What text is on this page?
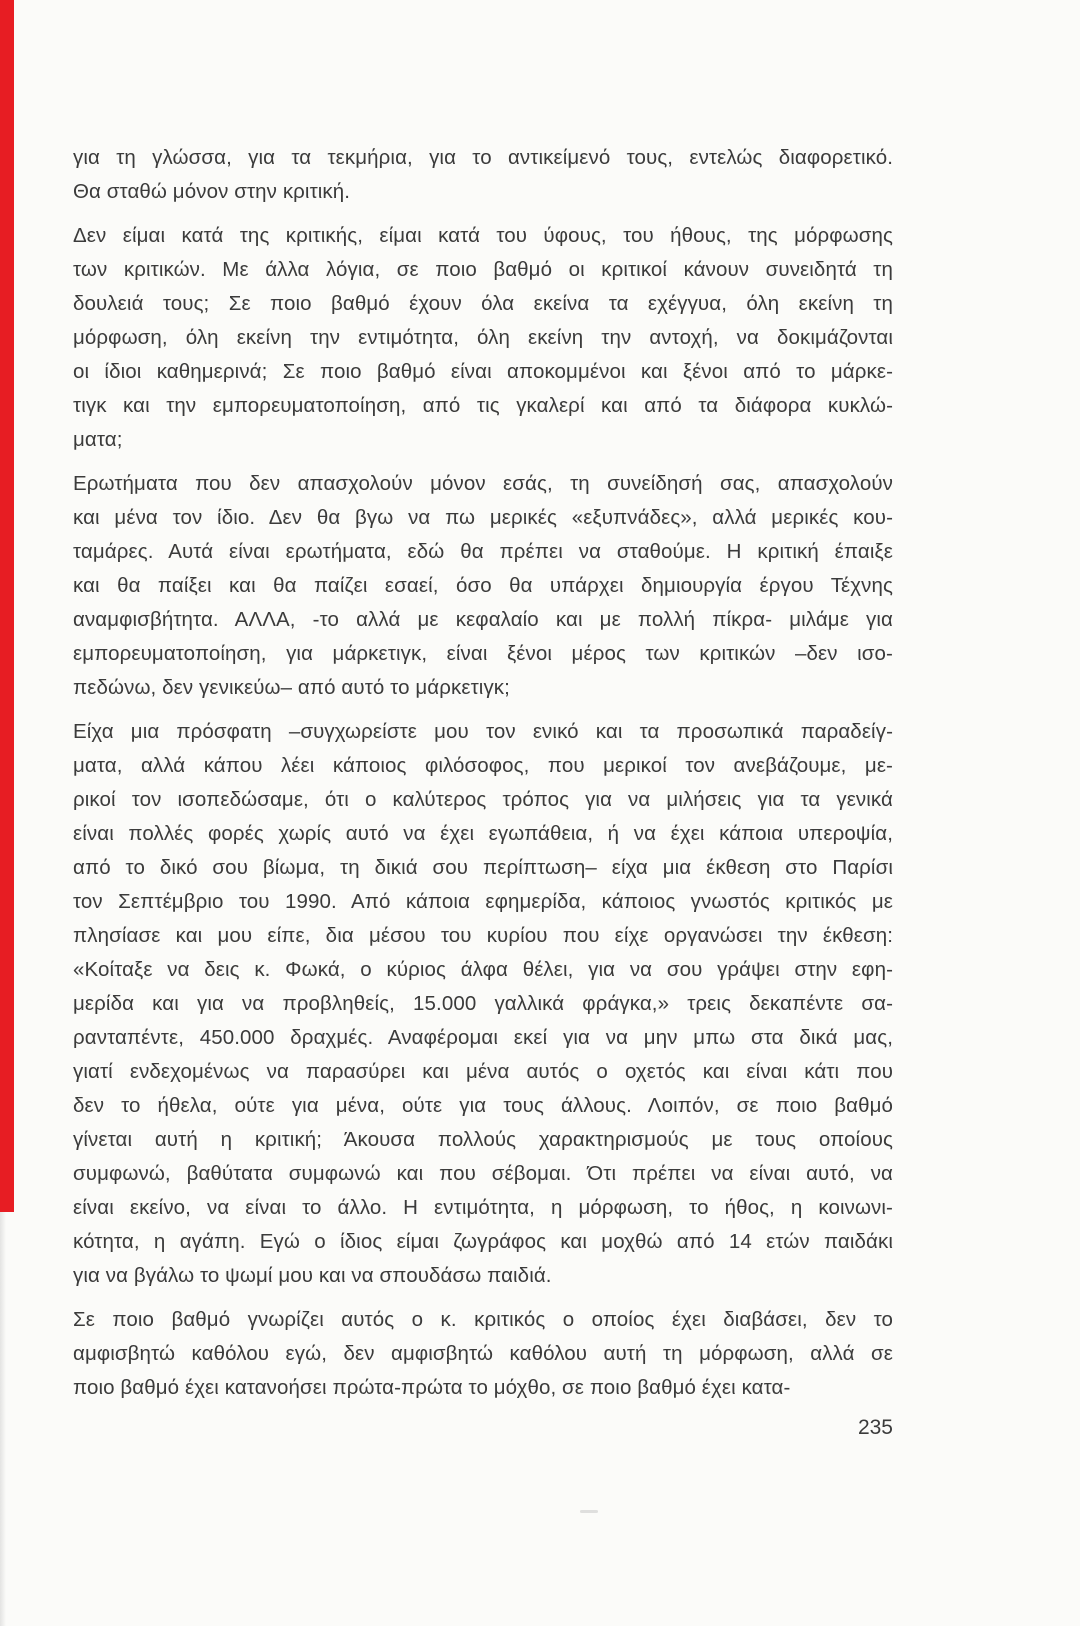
για τη γλώσσα, για τα τεκμήρια, για το αντικείμενό τους, εντελώς διαφορετικό.
Θα σταθώ μόνον στην κριτική.
Δεν είμαι κατά της κριτικής, είμαι κατά του ύφους, του ήθους, της μόρφωσης
των κριτικών. Με άλλα λόγια, σε ποιο βαθμό οι κριτικοί κάνουν συνειδητά τη
δουλειά τους; Σε ποιο βαθμό έχουν όλα εκείνα τα εχέγγυα, όλη εκείνη τη
μόρφωση, όλη εκείνη την εντιμότητα, όλη εκείνη την αντοχή, να δοκιμάζονται
οι ίδιοι καθημερινά; Σε ποιο βαθμό είναι αποκομμένοι και ξένοι από το μάρκε-
τιγκ και την εμπορευματοποίηση, από τις γκαλερί και από τα διάφορα κυκλώ-
ματα;
Ερωτήματα που δεν απασχολούν μόνον εσάς, τη συνείδησή σας, απασχολούν
και μένα τον ίδιο. Δεν θα βγω να πω μερικές «εξυπνάδες», αλλά μερικές κου-
ταμάρες. Αυτά είναι ερωτήματα, εδώ θα πρέπει να σταθούμε. Η κριτική έπαιξε
και θα παίξει και θα παίζει εσαεί, όσο θα υπάρχει δημιουργία έργου Τέχνης
αναμφισβήτητα. ΑΛΛΑ, -το αλλά με κεφαλαίο και με πολλή πίκρα- μιλάμε για
εμπορευματοποίηση, για μάρκετιγκ, είναι ξένοι μέρος των κριτικών –δεν ισο-
πεδώνω, δεν γενικεύω– από αυτό το μάρκετιγκ;
Είχα μια πρόσφατη –συγχωρείστε μου τον ενικό και τα προσωπικά παραδείγ-
ματα, αλλά κάπου λέει κάποιος φιλόσοφος, που μερικοί τον ανεβάζουμε, με-
ρικοί τον ισοπεδώσαμε, ότι ο καλύτερος τρόπος για να μιλήσεις για τα γενικά
είναι πολλές φορές χωρίς αυτό να έχει εγωπάθεια, ή να έχει κάποια υπεροψία,
από το δικό σου βίωμα, τη δικιά σου περίπτωση– είχα μια έκθεση στο Παρίσι
τον Σεπτέμβριο του 1990. Από κάποια εφημερίδα, κάποιος γνωστός κριτικός με
πλησίασε και μου είπε, δια μέσου του κυρίου που είχε οργανώσει την έκθεση:
«Κοίταξε να δεις κ. Φωκά, ο κύριος άλφα θέλει, για να σου γράψει στην εφη-
μερίδα και για να προβληθείς, 15.000 γαλλικά φράγκα,» τρεις δεκαπέντε σα-
ρανταπέντε, 450.000 δραχμές. Αναφέρομαι εκεί για να μην μπω στα δικά μας,
γιατί ενδεχομένως να παρασύρει και μένα αυτός ο οχετός και είναι κάτι που
δεν το ήθελα, ούτε για μένα, ούτε για τους άλλους. Λοιπόν, σε ποιο βαθμό
γίνεται αυτή η κριτική; Άκουσα πολλούς χαρακτηρισμούς με τους οποίους
συμφωνώ, βαθύτατα συμφωνώ και που σέβομαι. Ότι πρέπει να είναι αυτό, να
είναι εκείνο, να είναι το άλλο. Η εντιμότητα, η μόρφωση, το ήθος, η κοινωνι-
κότητα, η αγάπη. Εγώ ο ίδιος είμαι ζωγράφος και μοχθώ από 14 ετών παιδάκι
για να βγάλω το ψωμί μου και να σπουδάσω παιδιά.
Σε ποιο βαθμό γνωρίζει αυτός ο κ. κριτικός ο οποίος έχει διαβάσει, δεν το
αμφισβητώ καθόλου εγώ, δεν αμφισβητώ καθόλου αυτή τη μόρφωση, αλλά σε
ποιο βαθμό έχει κατανοήσει πρώτα-πρώτα το μόχθο, σε ποιο βαθμό έχει κατα-
235
